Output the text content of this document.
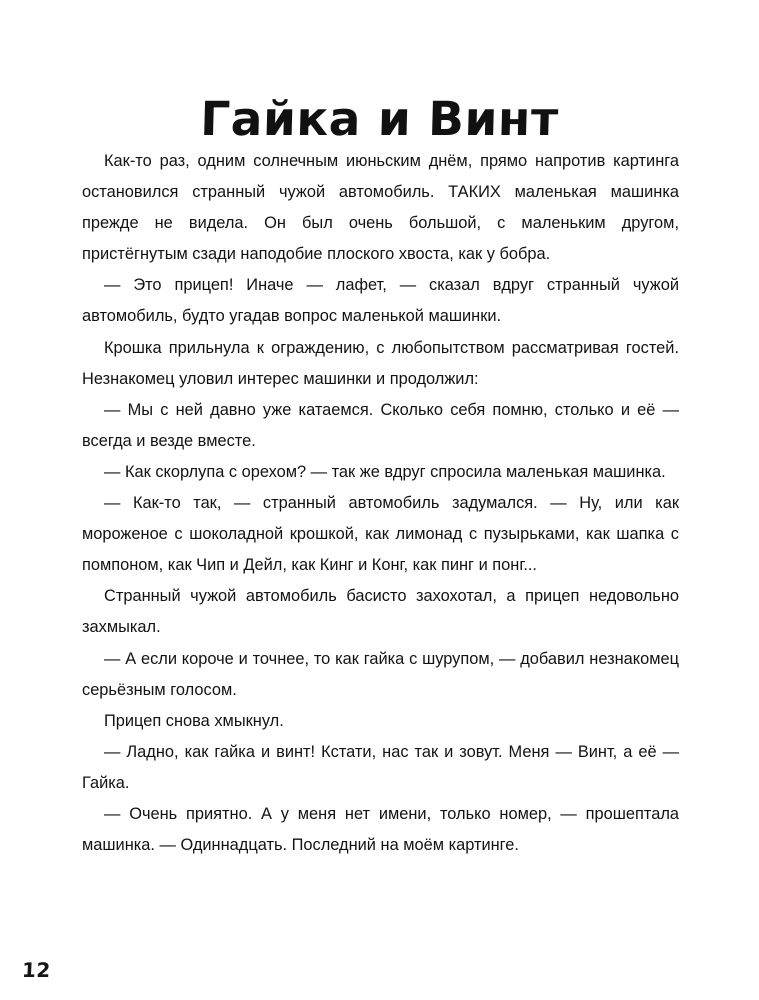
Гайка и Винт

Как-то раз, одним солнечным июньским днём, прямо напротив картинга остановился странный чужой автомобиль. ТАКИХ маленькая машинка прежде не видела. Он был очень большой, с маленьким другом, пристёгнутым сзади наподобие плоского хвоста, как у бобра.

— Это прицеп! Иначе — лафет, — сказал вдруг странный чужой автомобиль, будто угадав вопрос маленькой машинки.

Крошка прильнула к ограждению, с любопытством рассматривая гостей. Незнакомец уловил интерес машинки и продолжил:

— Мы с ней давно уже катаемся. Сколько себя помню, столько и её — всегда и везде вместе.

— Как скорлупа с орехом? — так же вдруг спросила маленькая машинка.

— Как-то так, — странный автомобиль задумался. — Ну, или как мороженое с шоколадной крошкой, как лимонад с пузырьками, как шапка с помпоном, как Чип и Дейл, как Кинг и Конг, как пинг и понг...

Странный чужой автомобиль басисто захохотал, а прицеп недовольно захмыкал.

— А если короче и точнее, то как гайка с шурупом, — добавил незнакомец серьёзным голосом.

Прицеп снова хмыкнул.

— Ладно, как гайка и винт! Кстати, нас так и зовут. Меня — Винт, а её — Гайка.

— Очень приятно. А у меня нет имени, только номер, — прошептала машинка. — Одиннадцать. Последний на моём картинге.

12
